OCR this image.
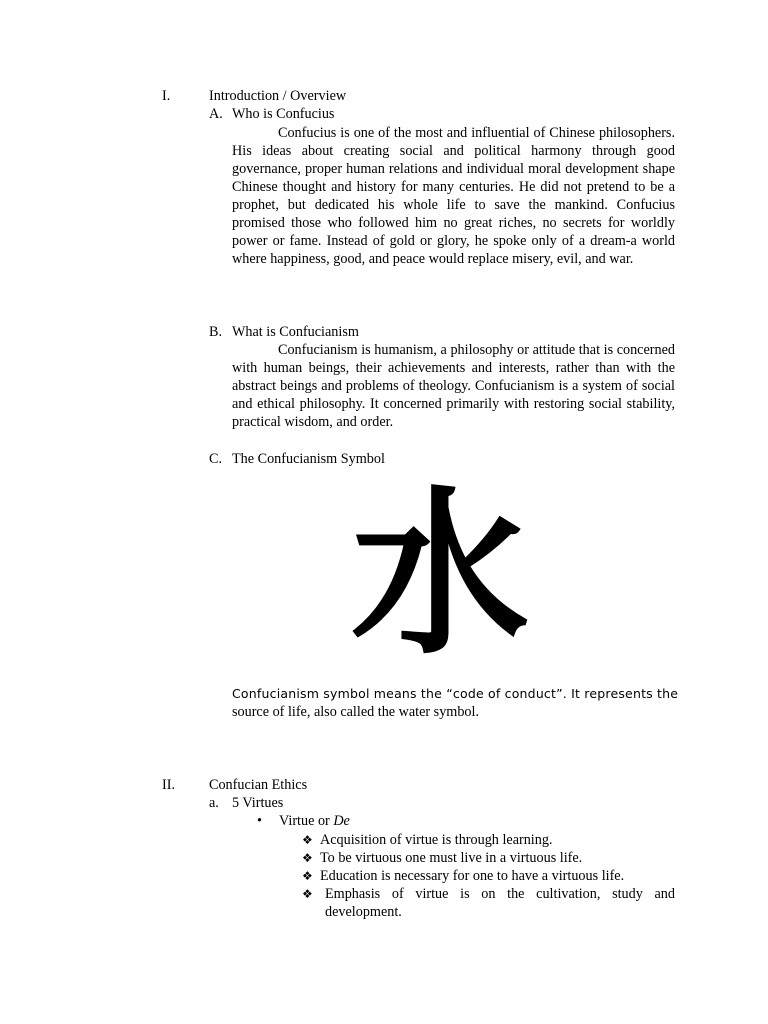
I.	Introduction / Overview
A. Who is Confucius
Confucius is one of the most and influential of Chinese philosophers. His ideas about creating social and political harmony through good governance, proper human relations and individual moral development shape Chinese thought and history for many centuries. He did not pretend to be a prophet, but dedicated his whole life to save the mankind. Confucius promised those who followed him no great riches, no secrets for worldly power or fame. Instead of gold or glory, he spoke only of a dream-a world where happiness, good, and peace would replace misery, evil, and war.
B. What is Confucianism
Confucianism is humanism, a philosophy or attitude that is concerned with human beings, their achievements and interests, rather than with the abstract beings and problems of theology. Confucianism is a system of social and ethical philosophy. It concerned primarily with restoring social stability, practical wisdom, and order.
C. The Confucianism Symbol
水
Confucianism symbol means the “code of conduct”. It represents the
source of life, also called the water symbol.
II. Confucian Ethics
a. 5 Virtues
• Virtue or De
❖ Acquisition of virtue is through learning.
❖ To be virtuous one must live in a virtuous life.
❖ Education is necessary for one to have a virtuous life.
❖ Emphasis of virtue is on the cultivation, study and development.
